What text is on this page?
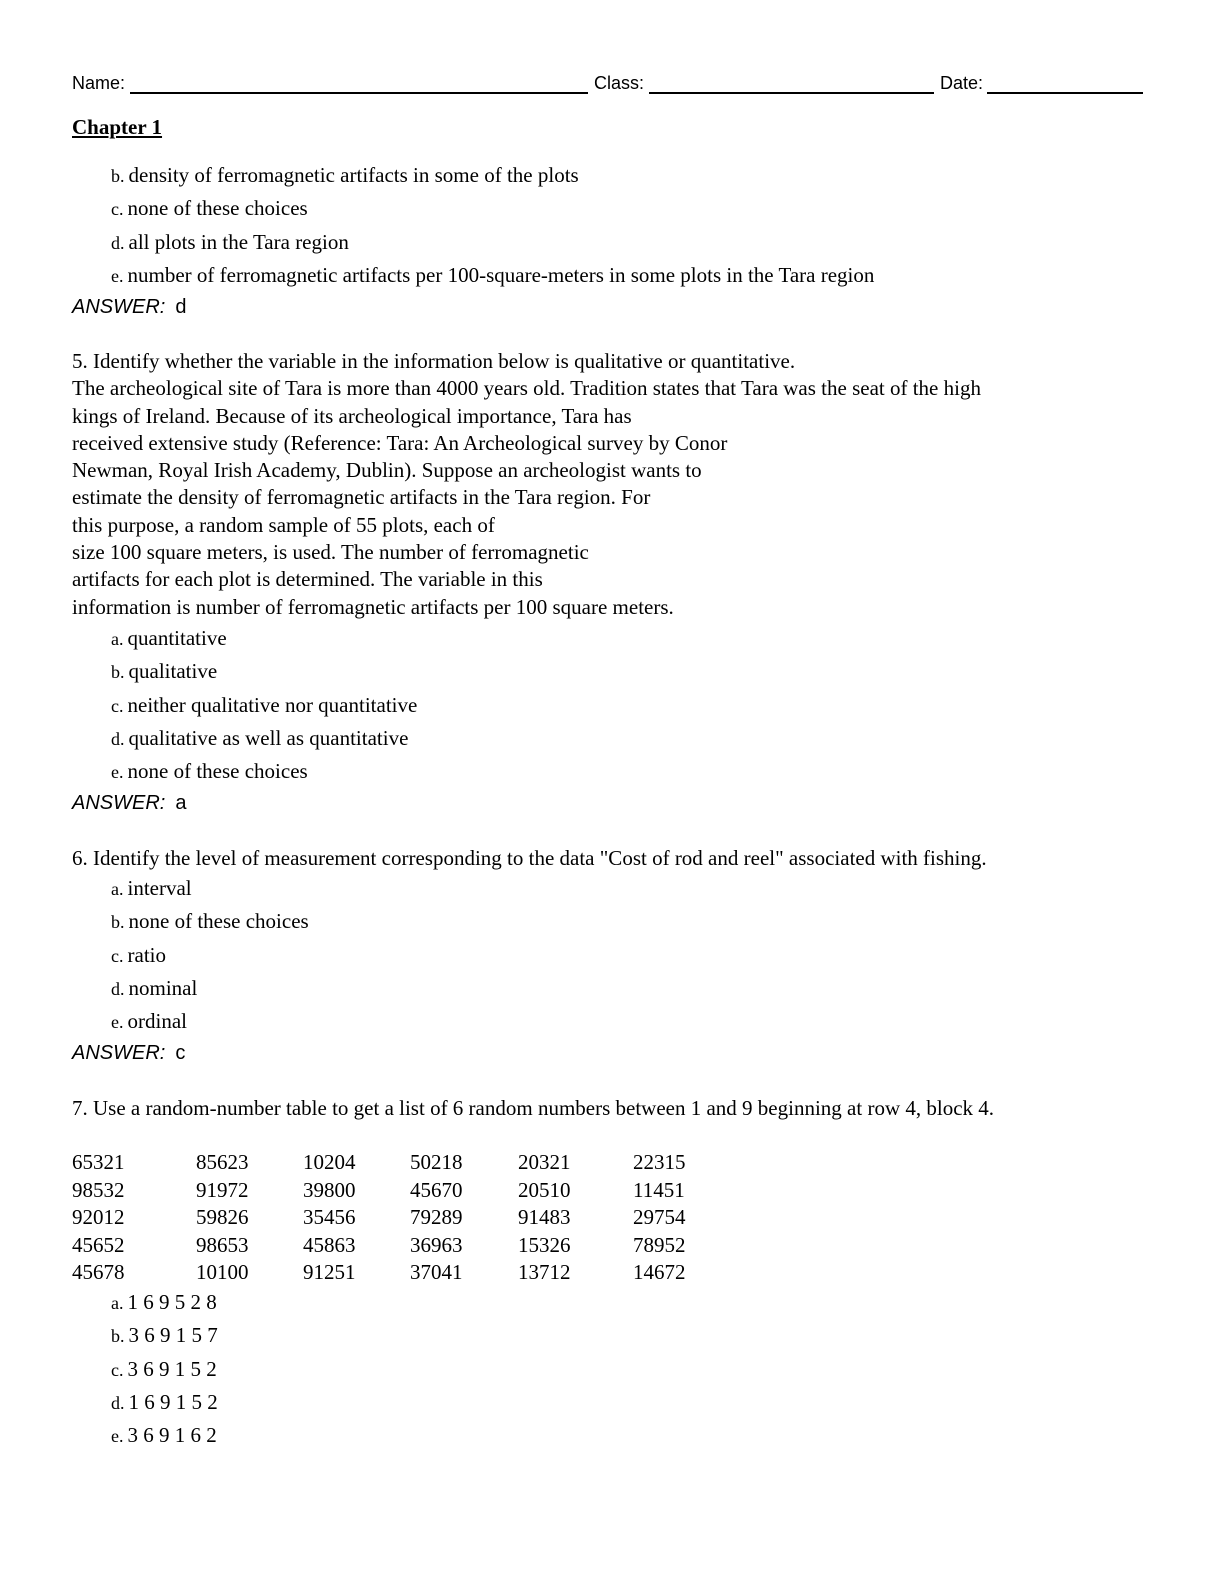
Name:	Class:	Date:
Chapter 1
b. density of ferromagnetic artifacts in some of the plots
c. none of these choices
d. all plots in the Tara region
e. number of ferromagnetic artifacts per 100-square-meters in some plots in the Tara region
ANSWER: d
5. Identify whether the variable in the information below is qualitative or quantitative.
The archeological site of Tara is more than 4000 years old. Tradition states that Tara was the seat of the high
kings of Ireland. Because of its archeological importance, Tara has
received extensive study (Reference: Tara: An Archeological survey by Conor
Newman, Royal Irish Academy, Dublin). Suppose an archeologist wants to
estimate the density of ferromagnetic artifacts in the Tara region. For
this purpose, a random sample of 55 plots, each of
size 100 square meters, is used. The number of ferromagnetic
artifacts for each plot is determined. The variable in this
information is number of ferromagnetic artifacts per 100 square meters.
a. quantitative
b. qualitative
c. neither qualitative nor quantitative
d. qualitative as well as quantitative
e. none of these choices
ANSWER: a
6. Identify the level of measurement corresponding to the data "Cost of rod and reel" associated with fishing.
a. interval
b. none of these choices
c. ratio
d. nominal
e. ordinal
ANSWER: c
7. Use a random-number table to get a list of 6 random numbers between 1 and 9 beginning at row 4, block 4.
65321	85623	10204	50218	20321	22315
98532	91972	39800	45670	20510	11451
92012	59826	35456	79289	91483	29754
45652	98653	45863	36963	15326	78952
45678	10100	91251	37041	13712	14672
a. 1 6 9 5 2 8
b. 3 6 9 1 5 7
c. 3 6 9 1 5 2
d. 1 6 9 1 5 2
e. 3 6 9 1 6 2
